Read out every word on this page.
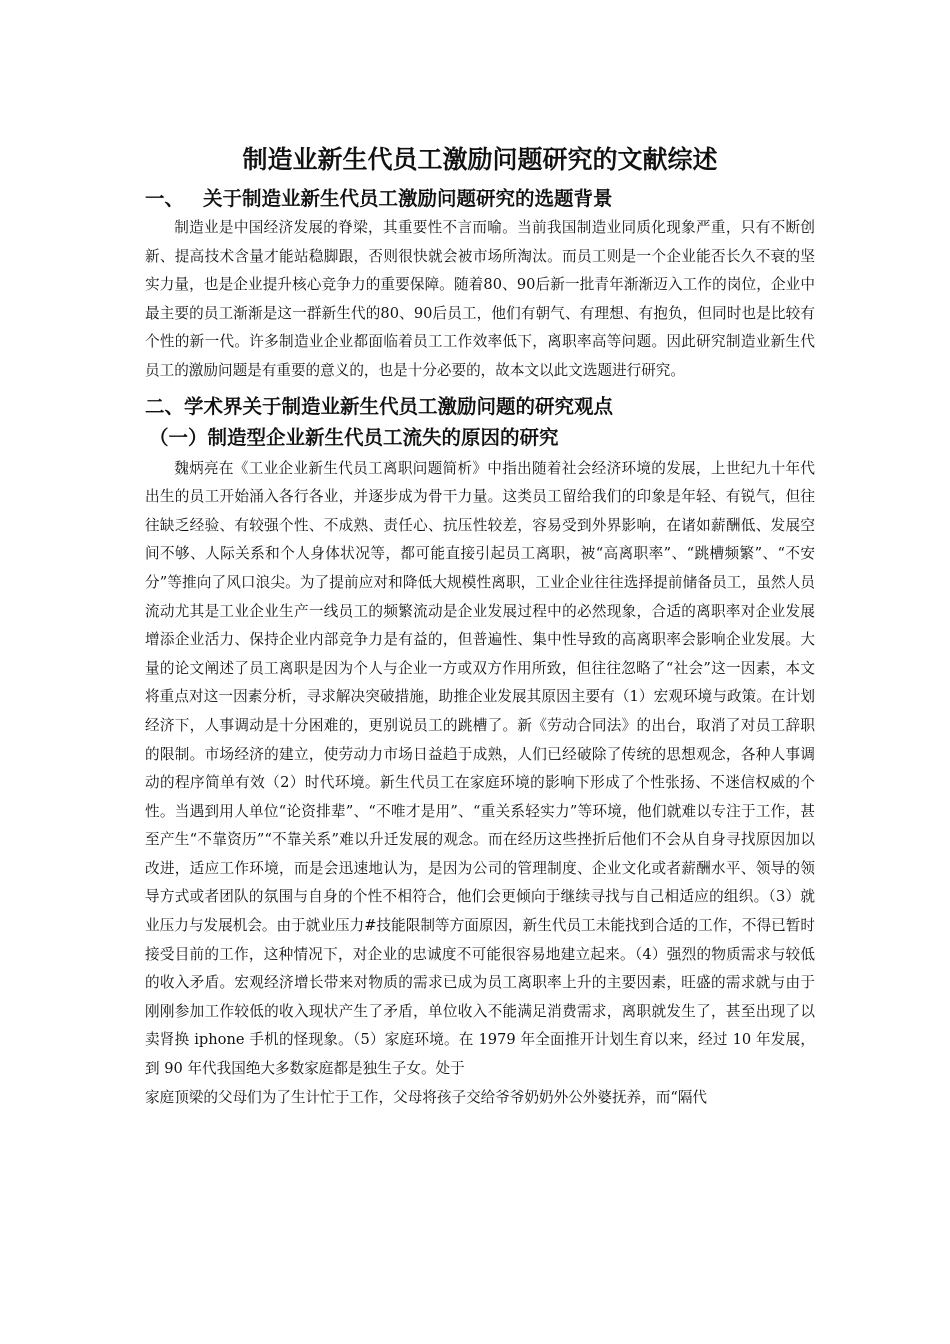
制造业新生代员工激励问题研究的文献综述
一、 关于制造业新生代员工激励问题研究的选题背景

制造业是中国经济发展的脊梁，其重要性不言而喻。当前我国制造业同质化现象严重，只有不断创新、提高技术含量才能站稳脚跟，否则很快就会被市场所淘汰。而员工则是一个企业能否长久不衰的坚实力量，也是企业提升核心竞争力的重要保障。随着80、90后新一批青年渐渐迈入工作的岗位，企业中最主要的员工渐渐是这一群新生代的80、90后员工，他们有朝气、有理想、有抱负，但同时也是比较有个性的新一代。许多制造业企业都面临着员工工作效率低下，离职率高等问题。因此研究制造业新生代员工的激励问题是有重要的意义的，也是十分必要的，故本文以此文选题进行研究。

二、学术界关于制造业新生代员工激励问题的研究观点
（一）制造型企业新生代员工流失的原因的研究

魏炳亮在《工业企业新生代员工离职问题简析》中指出随着社会经济环境的发展，上世纪九十年代出生的员工开始涌入各行各业，并逐步成为骨干力量。这类员工留给我们的印象是年轻、有锐气，但往往缺乏经验、有较强个性、不成熟、责任心、抗压性较差，容易受到外界影响，在诸如薪酬低、发展空间不够、人际关系和个人身体状况等，都可能直接引起员工离职，被“高离职率”、“跳槽频繁”、“不安分”等推向了风口浪尖。为了提前应对和降低大规模性离职，工业企业往往选择提前储备员工，虽然人员流动尤其是工业企业生产一线员工的频繁流动是企业发展过程中的必然现象，合适的离职率对企业发展增添企业活力、保持企业内部竞争力是有益的，但普遍性、集中性导致的高离职率会影响企业发展。大量的论文阐述了员工离职是因为个人与企业一方或双方作用所致，但往往忽略了“社会”这一因素，本文将重点对这一因素分析，寻求解决突破措施，助推企业发展其原因主要有（1）宏观环境与政策。在计划经济下，人事调动是十分困难的，更别说员工的跳槽了。新《劳动合同法》的出台，取消了对员工辞职的限制。市场经济的建立，使劳动力市场日益趋于成熟，人们已经破除了传统的思想观念，各种人事调动的程序简单有效（2）时代环境。新生代员工在家庭环境的影响下形成了个性张扬、不迷信权威的个性。当遇到用人单位“论资排辈”、“不唯才是用”、“重关系轻实力”等环境，他们就难以专注于工作，甚至产生“不靠资历”“不靠关系”难以升迁发展的观念。而在经历这些挫折后他们不会从自身寻找原因加以改进，适应工作环境，而是会迅速地认为，是因为公司的管理制度、企业文化或者薪酬水平、领导的领导方式或者团队的氛围与自身的个性不相符合，他们会更倾向于继续寻找与自己相适应的组织。（3）就业压力与发展机会。由于就业压力#技能限制等方面原因，新生代员工未能找到合适的工作，不得已暂时接受目前的工作，这种情况下，对企业的忠诚度不可能很容易地建立起来。（4）强烈的物质需求与较低的收入矛盾。宏观经济增长带来对物质的需求已成为员工离职率上升的主要因素，旺盛的需求就与由于刚刚参加工作较低的收入现状产生了矛盾，单位收入不能满足消费需求，离职就发生了，甚至出现了以卖肾换 iphone 手机的怪现象。（5）家庭环境。在 1979 年全面推开计划生育以来，经过 10 年发展，到 90 年代我国绝大多数家庭都是独生子女。处于

家庭顶梁的父母们为了生计忙于工作，父母将孩子交给爷爷奶奶外公外婆抚养，而“隔代
